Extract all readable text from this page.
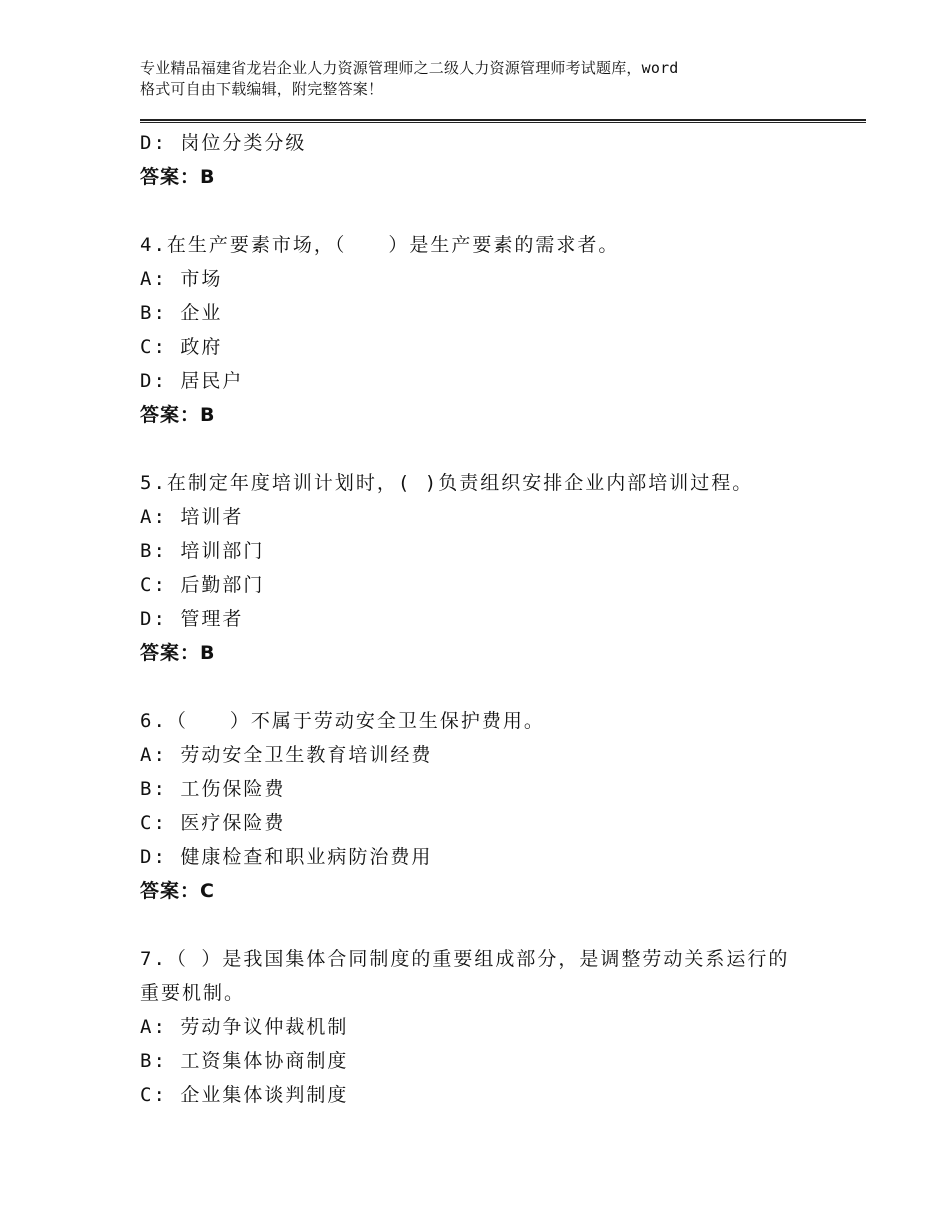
专业精品福建省龙岩企业人力资源管理师之二级人力资源管理师考试题库，word
格式可自由下载编辑，附完整答案！
D: 岗位分类分级
答案：B
4.在生产要素市场，（　　）是生产要素的需求者。
A: 市场
B: 企业
C: 政府
D: 居民户
答案：B
5.在制定年度培训计划时，( )负责组织安排企业内部培训过程。
A: 培训者
B: 培训部门
C: 后勤部门
D: 管理者
答案：B
6.（　　）不属于劳动安全卫生保护费用。
A: 劳动安全卫生教育培训经费
B: 工伤保险费
C: 医疗保险费
D: 健康检查和职业病防治费用
答案：C
7.（ ）是我国集体合同制度的重要组成部分，是调整劳动关系运行的
重要机制。
A: 劳动争议仲裁机制
B: 工资集体协商制度
C: 企业集体谈判制度
